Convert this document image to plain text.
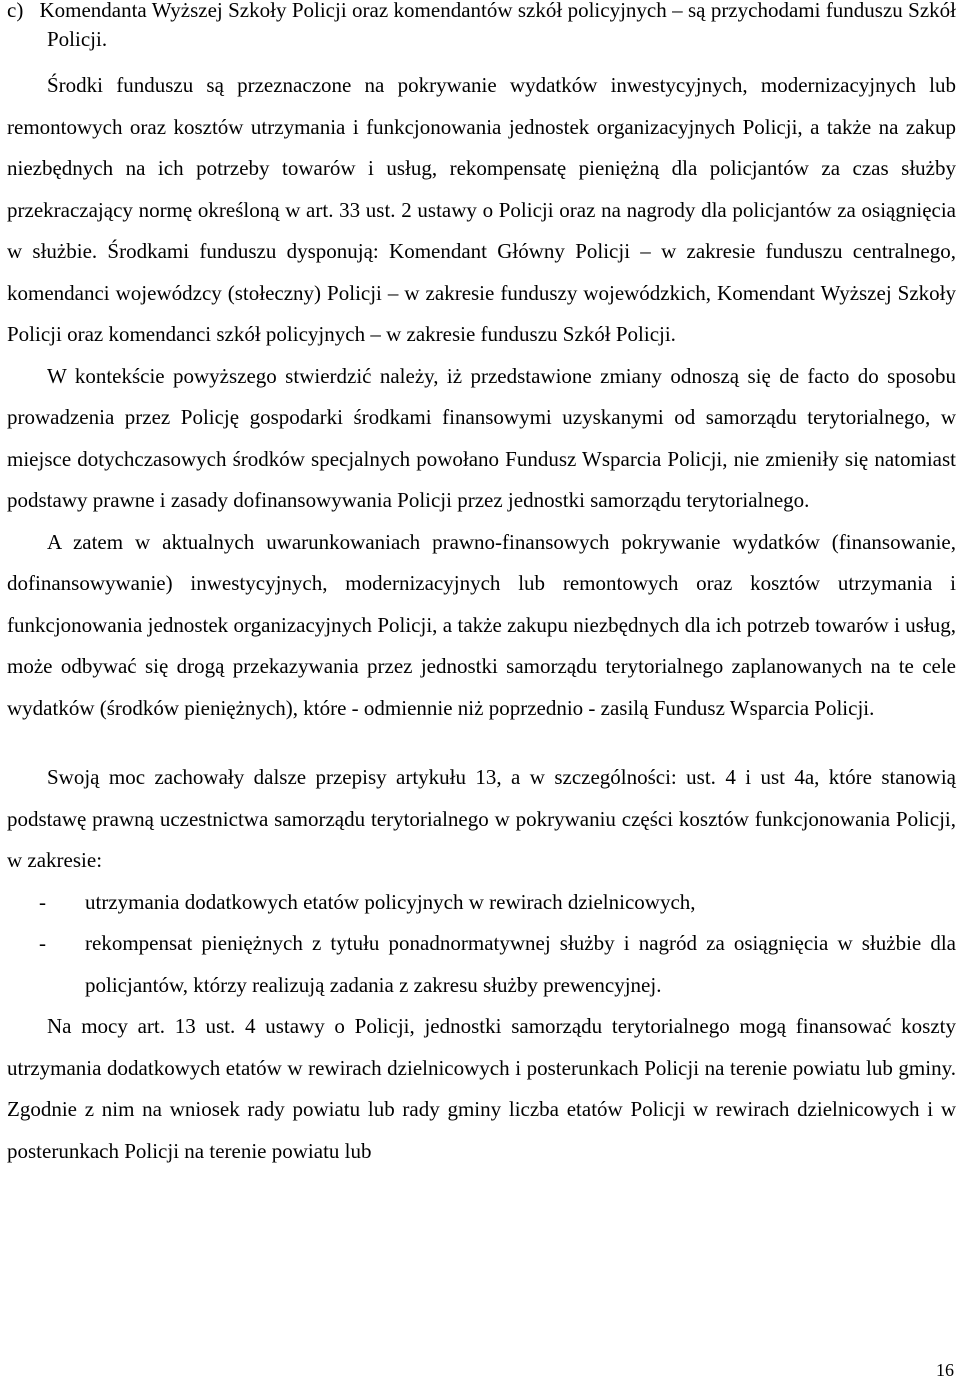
c) Komendanta Wyższej Szkoły Policji oraz komendantów szkół policyjnych – są przychodami funduszu Szkół Policji.

Środki funduszu są przeznaczone na pokrywanie wydatków inwestycyjnych, modernizacyjnych lub remontowych oraz kosztów utrzymania i funkcjonowania jednostek organizacyjnych Policji, a także na zakup niezbędnych na ich potrzeby towarów i usług, rekompensatę pieniężną dla policjantów za czas służby przekraczający normę określoną w art. 33 ust. 2 ustawy o Policji oraz na nagrody dla policjantów za osiągnięcia w służbie. Środkami funduszu dysponują: Komendant Główny Policji – w zakresie funduszu centralnego, komendanci wojewódzcy (stołeczny) Policji – w zakresie funduszy wojewódzkich, Komendant Wyższej Szkoły Policji oraz komendanci szkół policyjnych – w zakresie funduszu Szkół Policji.

W kontekście powyższego stwierdzić należy, iż przedstawione zmiany odnoszą się de facto do sposobu prowadzenia przez Policję gospodarki środkami finansowymi uzyskanymi od samorządu terytorialnego, w miejsce dotychczasowych środków specjalnych powołano Fundusz Wsparcia Policji, nie zmieniły się natomiast podstawy prawne i zasady dofinansowywania Policji przez jednostki samorządu terytorialnego.

A zatem w aktualnych uwarunkowaniach prawno-finansowych pokrywanie wydatków (finansowanie, dofinansowywanie) inwestycyjnych, modernizacyjnych lub remontowych oraz kosztów utrzymania i funkcjonowania jednostek organizacyjnych Policji, a także zakupu niezbędnych dla ich potrzeb towarów i usług, może odbywać się drogą przekazywania przez jednostki samorządu terytorialnego zaplanowanych na te cele wydatków (środków pieniężnych), które - odmiennie niż poprzednio - zasilą Fundusz Wsparcia Policji.

Swoją moc zachowały dalsze przepisy artykułu 13, a w szczególności: ust. 4 i ust 4a, które stanowią podstawę prawną uczestnictwa samorządu terytorialnego w pokrywaniu części kosztów funkcjonowania Policji, w zakresie:

- utrzymania dodatkowych etatów policyjnych w rewirach dzielnicowych,
- rekompensat pieniężnych z tytułu ponadnormatywnej służby i nagród za osiągnięcia w służbie dla policjantów, którzy realizują zadania z zakresu służby prewencyjnej.

Na mocy art. 13 ust. 4 ustawy o Policji, jednostki samorządu terytorialnego mogą finansować koszty utrzymania dodatkowych etatów w rewirach dzielnicowych i posterunkach Policji na terenie powiatu lub gminy. Zgodnie z nim na wniosek rady powiatu lub rady gminy liczba etatów Policji w rewirach dzielnicowych i w posterunkach Policji na terenie powiatu lub

16
